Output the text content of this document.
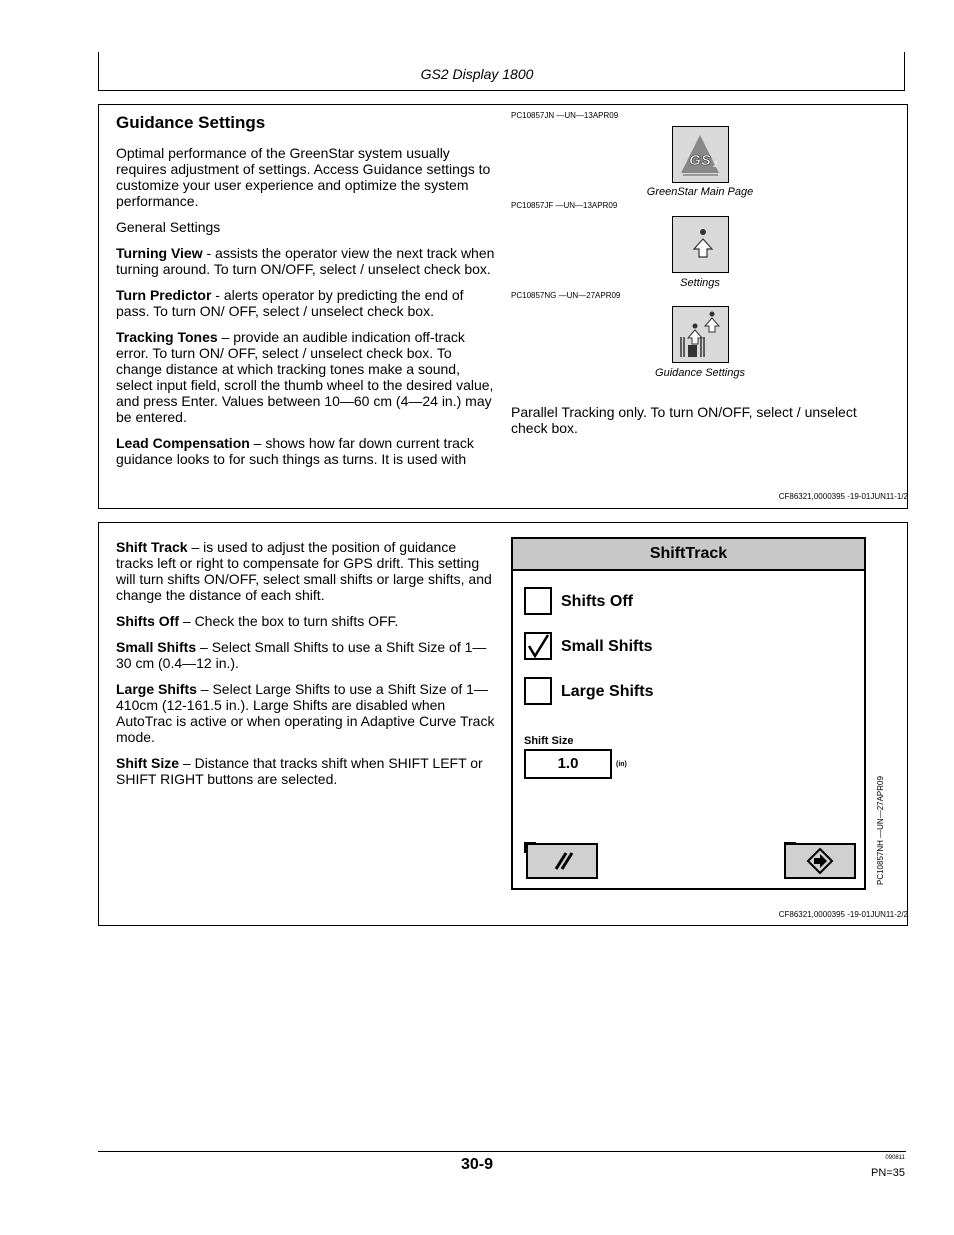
GS2 Display 1800
Guidance Settings

Optimal performance of the GreenStar system usually requires adjustment of settings. Access Guidance settings to customize your user experience and optimize the system performance.

General Settings

Turning View - assists the operator view the next track when turning around. To turn ON/OFF, select / unselect check box.

Turn Predictor - alerts operator by predicting the end of pass. To turn ON/ OFF, select / unselect check box.

Tracking Tones – provide an audible indication off-track error. To turn ON/ OFF, select / unselect check box. To change distance at which tracking tones make a sound, select input field, scroll the thumb wheel to the desired value, and press Enter. Values between 10—60 cm (4—24 in.) may be entered.

Lead Compensation – shows how far down current track guidance looks to for such things as turns. It is used with

PC10857JN —UN—13APR09
GS 2
GreenStar Main Page
PC10857JF —UN—13APR09
Settings
PC10857NG —UN—27APR09
Guidance Settings
Parallel Tracking only. To turn ON/OFF, select / unselect check box.
CF86321,0000395 -19-01JUN11-1/2

Shift Track – is used to adjust the position of guidance tracks left or right to compensate for GPS drift. This setting will turn shifts ON/OFF, select small shifts or large shifts, and change the distance of each shift.

Shifts Off – Check the box to turn shifts OFF.

Small Shifts – Select Small Shifts to use a Shift Size of 1—30 cm (0.4—12 in.).

Large Shifts – Select Large Shifts to use a Shift Size of 1— 410cm (12-161.5 in.). Large Shifts are disabled when AutoTrac is active or when operating in Adaptive Curve Track mode.

Shift Size – Distance that tracks shift when SHIFT LEFT or SHIFT RIGHT buttons are selected.

ShiftTrack
Shifts Off
Small Shifts
Large Shifts
Shift Size
1.0	(in)
PC10857NH —UN—27APR09
CF86321,0000395 -19-01JUN11-2/2
30-9	090811
PN=35
